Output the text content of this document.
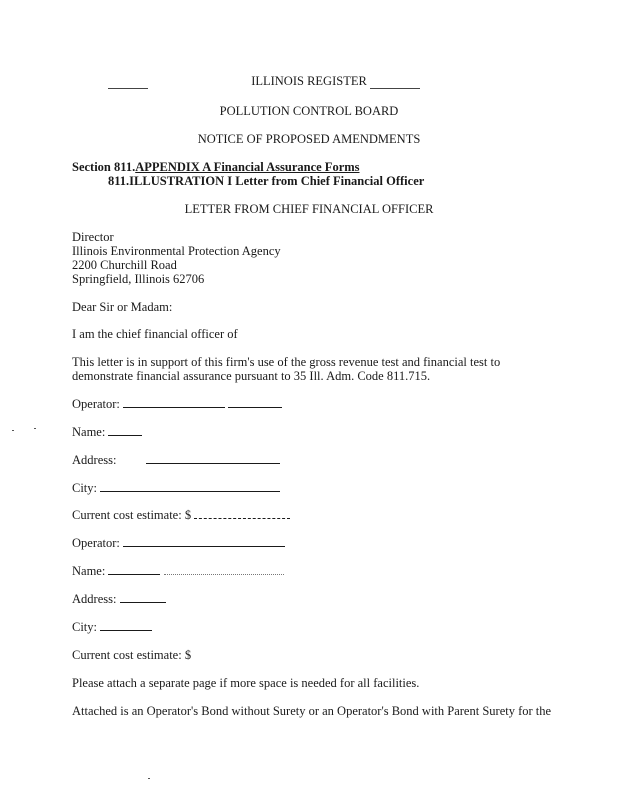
ILLINOIS REGISTER
POLLUTION CONTROL BOARD
NOTICE OF PROPOSED AMENDMENTS
Section 811.APPENDIX A Financial Assurance Forms
811.ILLUSTRATION I Letter from Chief Financial Officer
LETTER FROM CHIEF FINANCIAL OFFICER
Director
Illinois Environmental Protection Agency
2200 Churchill Road
Springfield, Illinois 62706
Dear Sir or Madam:
I am the chief financial officer of
This letter is in support of this firm's use of the gross revenue test and financial test to
demonstrate financial assurance pursuant to 35 Ill. Adm. Code 811.715.
Operator:
Name:
Address:
City:
Current cost estimate: $
Operator:
Name:
Address:
City:
Current cost estimate: $
Please attach a separate page if more space is needed for all facilities.
Attached is an Operator's Bond without Surety or an Operator's Bond with Parent Surety for the
